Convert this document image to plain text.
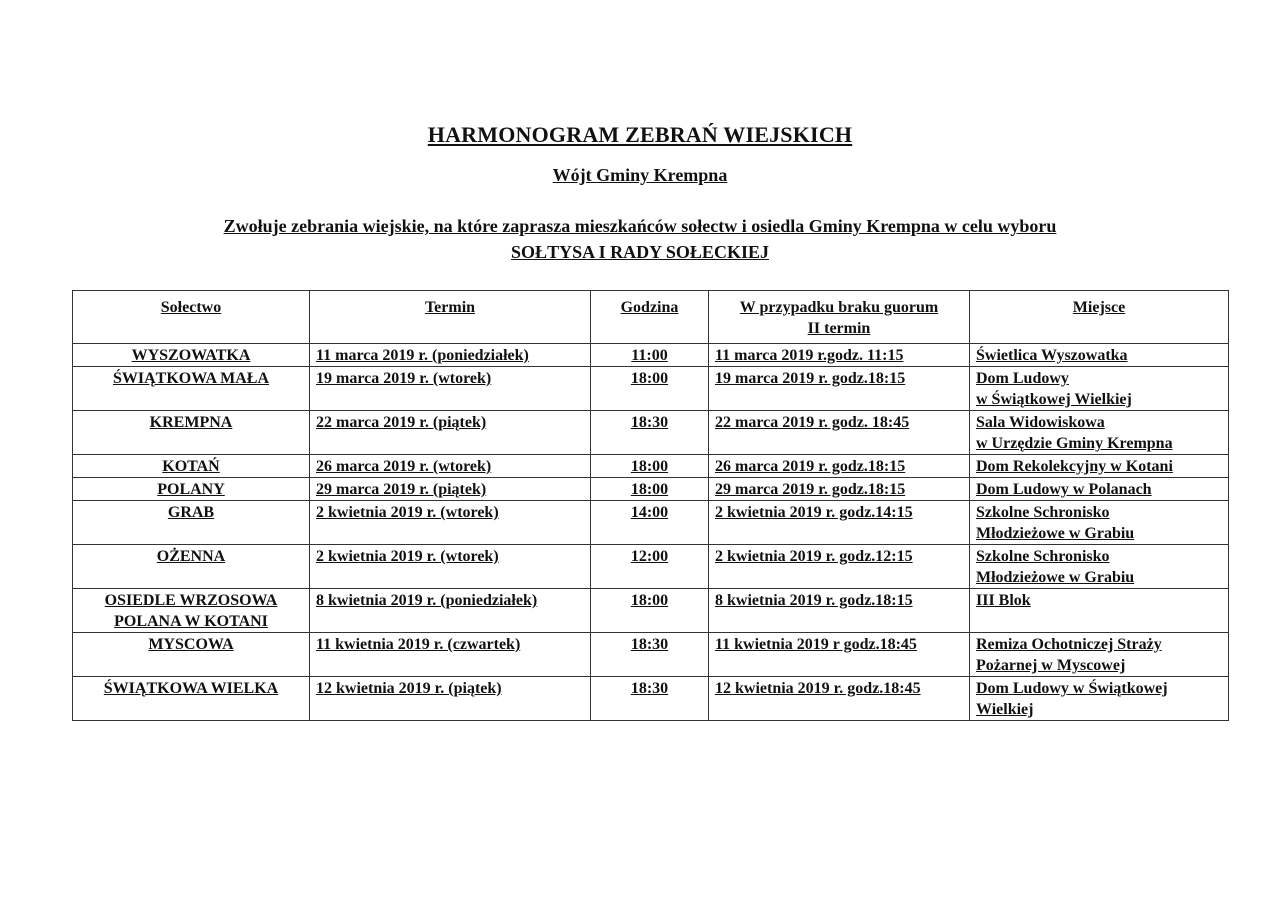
HARMONOGRAM ZEBRAŃ WIEJSKICH
Wójt Gminy Krempna
Zwołuje zebrania wiejskie, na które zaprasza mieszkańców sołectw i osiedla Gminy Krempna w celu wyboru
SOŁTYSA I RADY SOŁECKIEJ
Sołectwo	Termin	Godzina	W przypadku braku guorum
II termin	Miejsce

WYSZOWATKA	11 marca 2019 r. (poniedziałek)	11:00	11 marca 2019 r.godz. 11:15	Świetlica Wyszowatka

ŚWIĄTKOWA MAŁA	19 marca 2019 r. (wtorek)	18:00	19 marca 2019 r. godz.18:15	Dom Ludowy
w Świątkowej Wielkiej

KREMPNA	22 marca 2019 r. (piątek)	18:30	22 marca 2019 r. godz. 18:45	Sala Widowiskowa
w Urzędzie Gminy Krempna

KOTAŃ	26 marca 2019 r. (wtorek)	18:00	26 marca 2019 r. godz.18:15	Dom Rekolekcyjny w Kotani

POLANY	29 marca 2019 r. (piątek)	18:00	29 marca 2019 r. godz.18:15	Dom Ludowy w Polanach

GRAB	2 kwietnia 2019 r. (wtorek)	14:00	2 kwietnia 2019 r. godz.14:15	Szkolne Schronisko
Młodzieżowe w Grabiu

OŻENNA	2 kwietnia 2019 r. (wtorek)	12:00	2 kwietnia 2019 r. godz.12:15	Szkolne Schronisko
Młodzieżowe w Grabiu

OSIEDLE WRZOSOWA
POLANA W KOTANI	8 kwietnia 2019 r. (poniedziałek)	18:00	8 kwietnia 2019 r. godz.18:15	III Blok

MYSCOWA	11 kwietnia 2019 r. (czwartek)	18:30	11 kwietnia 2019 r godz.18:45	Remiza Ochotniczej Straży
Pożarnej w Myscowej

ŚWIĄTKOWA WIELKA	12 kwietnia 2019 r. (piątek)	18:30	12 kwietnia 2019 r. godz.18:45	Dom Ludowy w Świątkowej
Wielkiej
